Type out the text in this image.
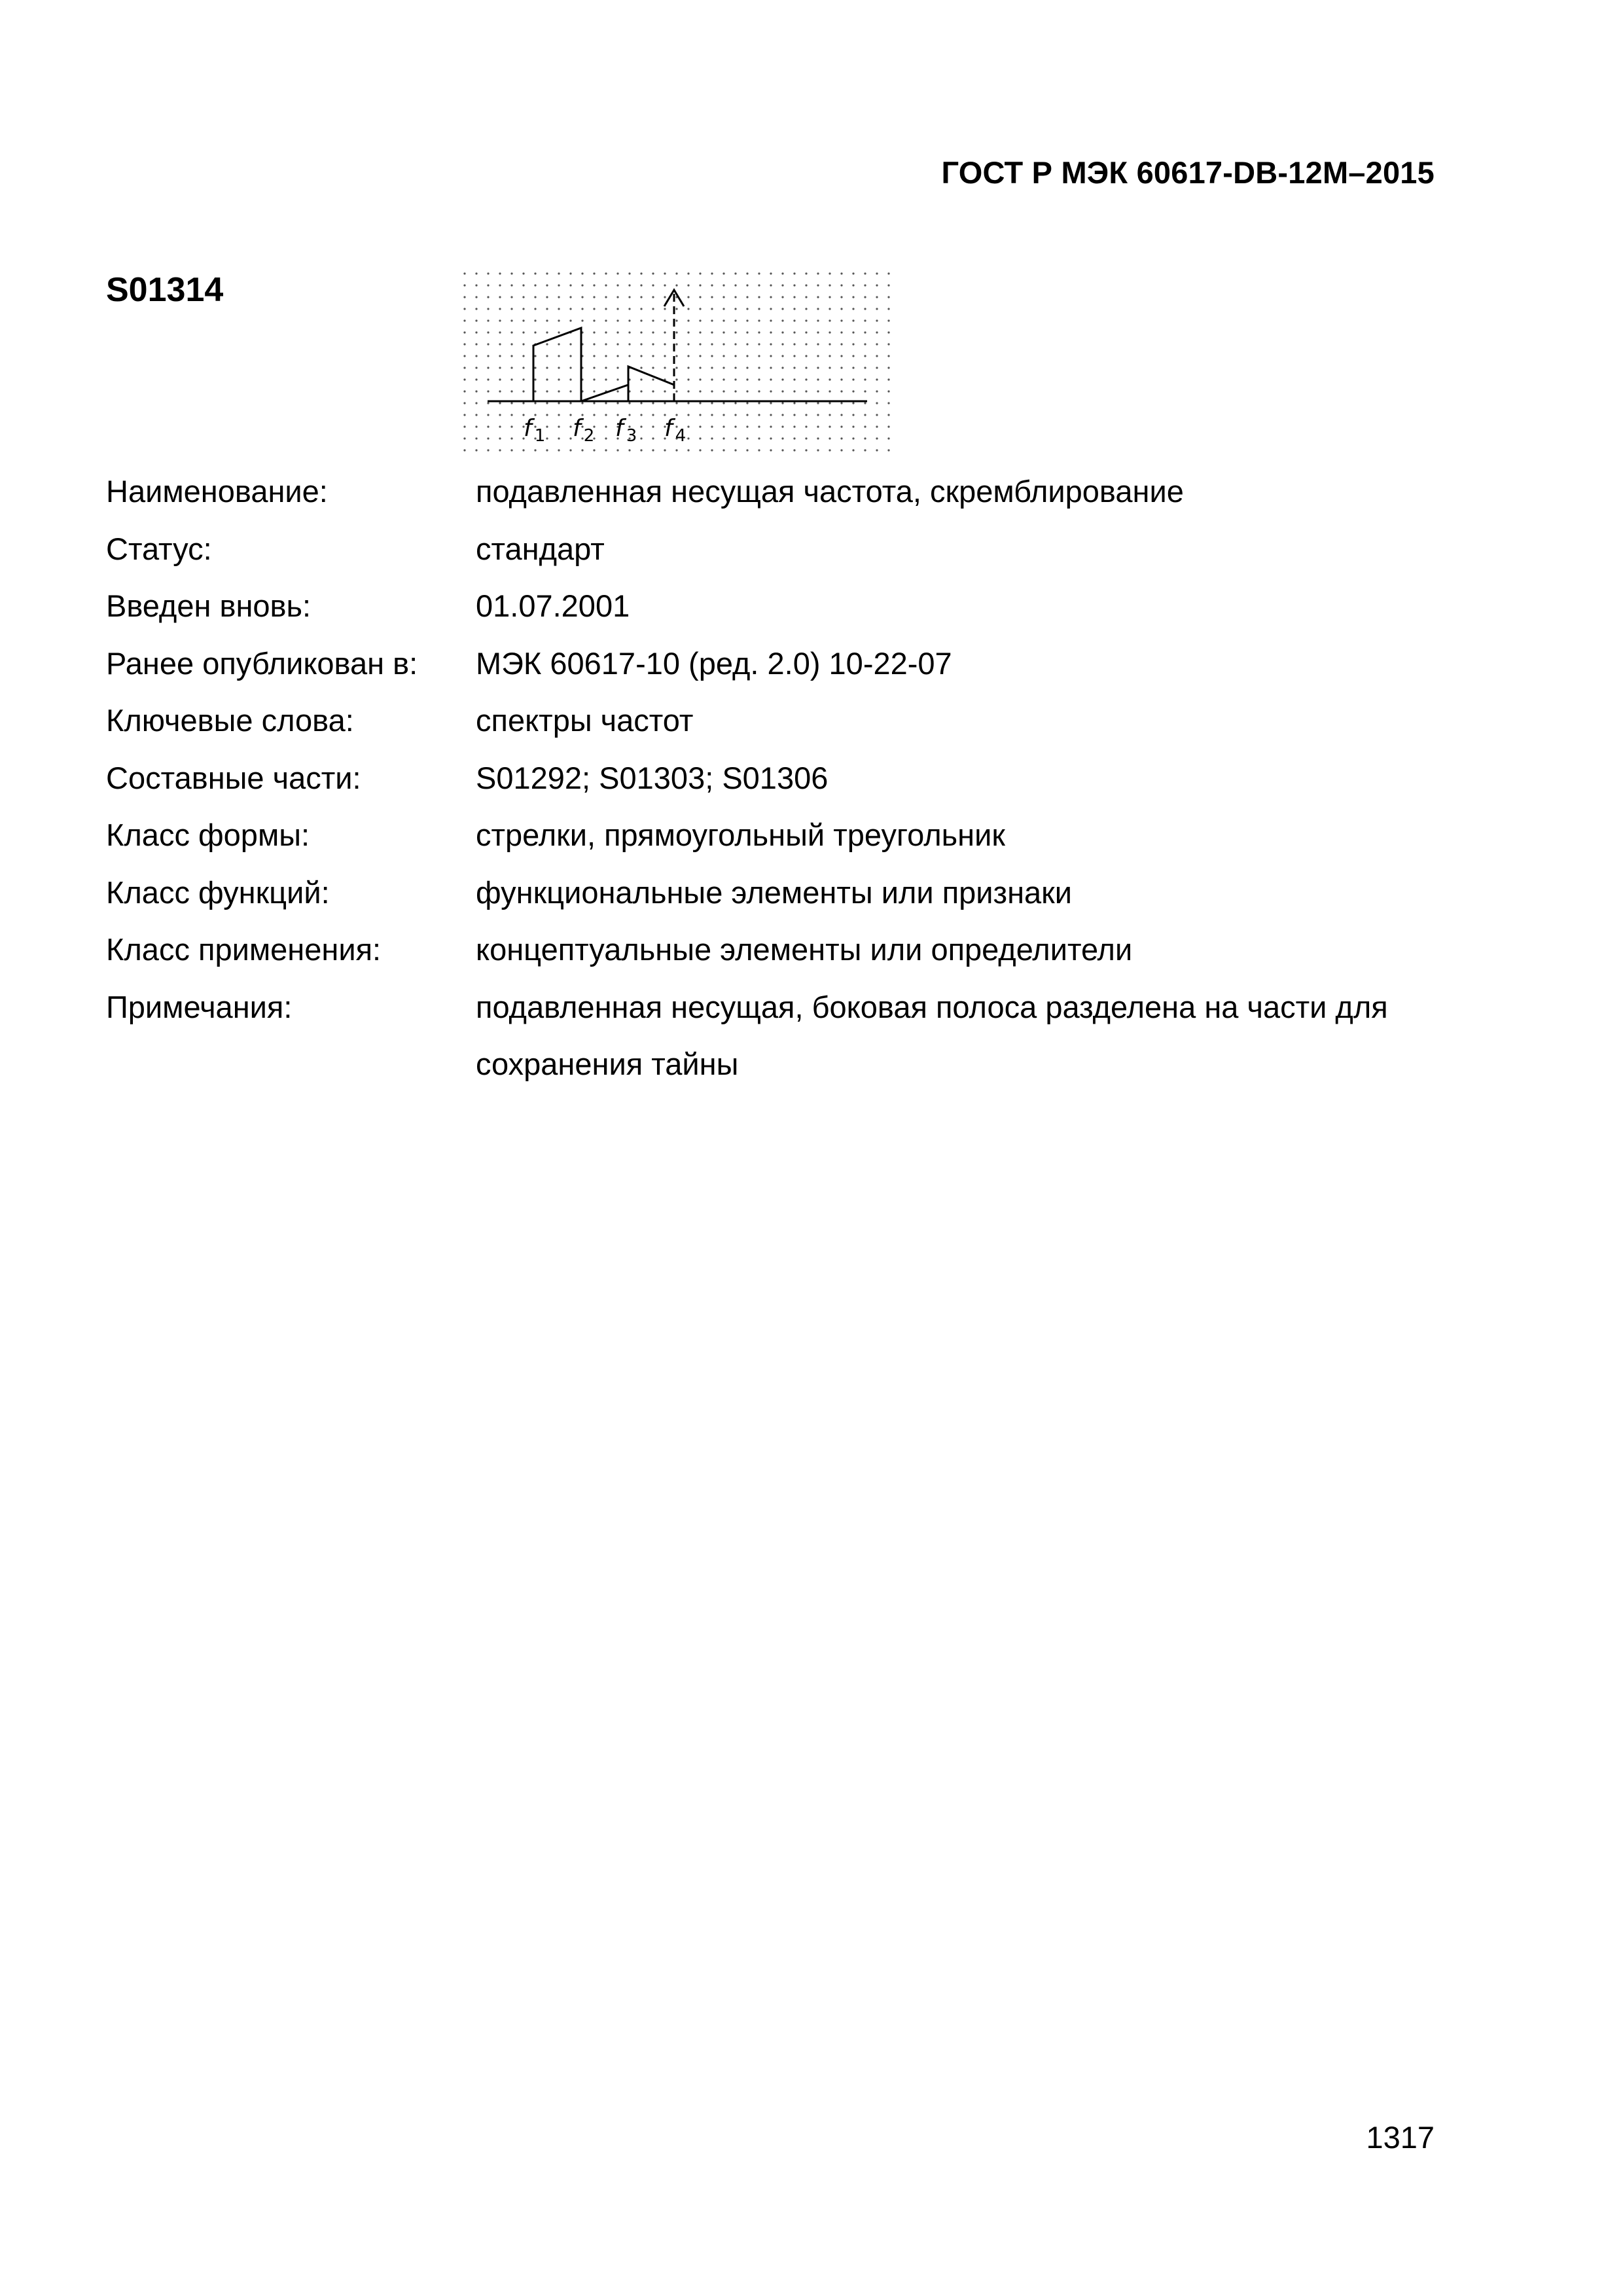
ГОСТ Р МЭК 60617-DB-12M–2015
S01314
f $_1$ f $_2$ f $_3$ f $_4$
Наименование:	подавленная несущая частота, скремблирование
Статус:	стандарт
Введен вновь:	01.07.2001
Ранее опубликован в:	МЭК 60617-10 (ред. 2.0) 10-22-07
Ключевые слова:	спектры частот
Составные части:	S01292; S01303; S01306
Класс формы:	стрелки, прямоугольный треугольник
Класс функций:	функциональные элементы или признаки
Класс применения:	концептуальные элементы или определители
Примечания:	подавленная несущая, боковая полоса разделена на части для сохранения тайны
1317
